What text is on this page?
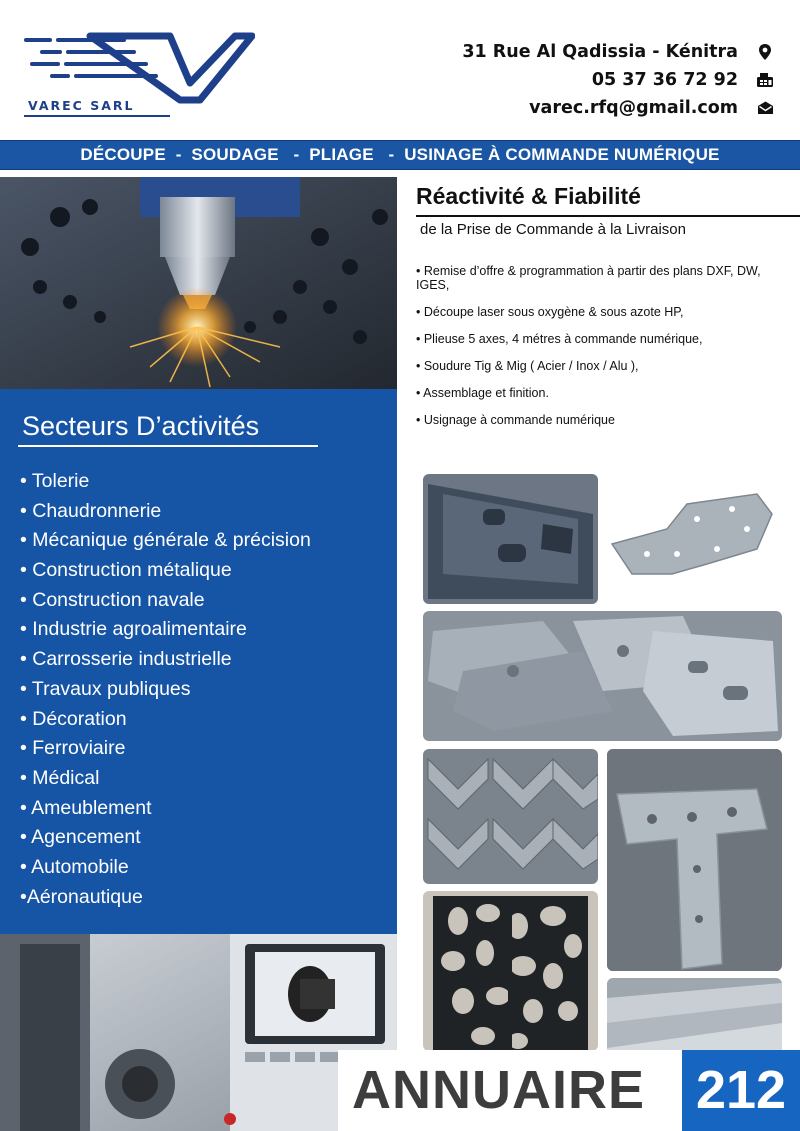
VAREC SARL
31 Rue Al Qadissia - Kénitra
05 37 36 72 92
varec.rfq@gmail.com
DÉCOUPE  -  SOUDAGE   -  PLIAGE   -  USINAGE À COMMANDE NUMÉRIQUE
Secteurs D’activités
• Tolerie
• Chaudronnerie
• Mécanique générale & précision
• Construction métalique
• Construction navale
• Industrie agroalimentaire
• Carrosserie industrielle
• Travaux publiques
• Décoration
• Ferroviaire
• Médical
• Ameublement
• Agencement
• Automobile
•Aéronautique
Réactivité & Fiabilité
de la Prise de Commande à la Livraison
• Remise d’offre & programmation à partir des plans DXF, DW, IGES,
• Découpe laser sous oxygène & sous azote HP,
• Plieuse 5 axes, 4 métres à commande numérique,
• Soudure Tig & Mig ( Acier / Inox / Alu ),
• Assemblage et finition.
• Usignage à commande numérique
ANNUAIRE 212
